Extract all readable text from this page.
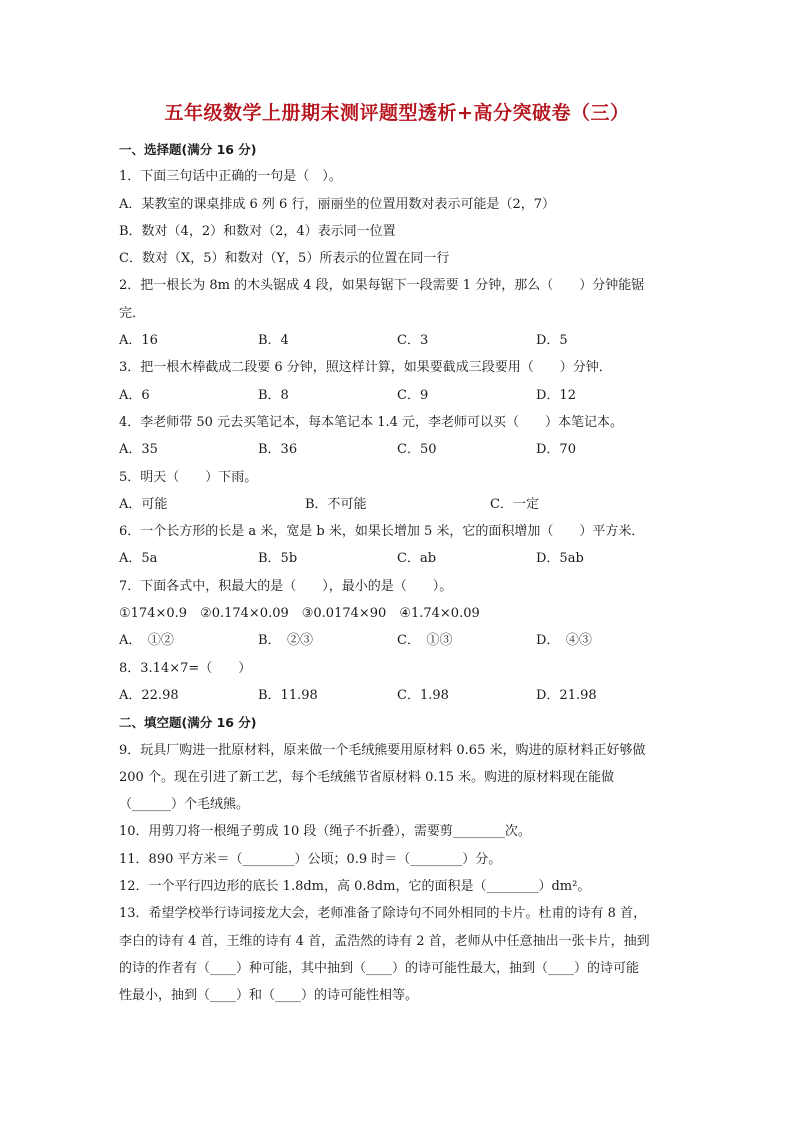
五年级数学上册期末测评题型透析+高分突破卷（三）
一、选择题(满分 16 分)
1．下面三句话中正确的一句是（　）。
A．某教室的课桌排成 6 列 6 行，丽丽坐的位置用数对表示可能是（2，7）
B．数对（4，2）和数对（2，4）表示同一位置
C．数对（X，5）和数对（Y，5）所表示的位置在同一行
2．把一根长为 8m 的木头锯成 4 段，如果每锯下一段需要 1 分钟，那么（　　）分钟能锯
完．
A．16	B．4	C．3	D．5
3．把一根木棒截成二段要 6 分钟，照这样计算，如果要截成三段要用（　　）分钟．
A．6	B．8	C．9	D．12
4．李老师带 50 元去买笔记本，每本笔记本 1.4 元，李老师可以买（　　）本笔记本。
A．35	B．36	C．50	D．70
5．明天（　　）下雨。
A．可能	B．不可能	C．一定
6．一个长方形的长是 a 米，宽是 b 米，如果长增加 5 米，它的面积增加（　　）平方米．
A．5a	B．5b	C．ab	D．5ab
7．下面各式中，积最大的是（　　），最小的是（　　）。
①174×0.9　②0.174×0.09　③0.0174×90　④1.74×0.09
A．　①②	B．　②③	C．　①③	D．　④③
8．3.14×7=（　　）
A．22.98	B．11.98	C．1.98	D．21.98
二、填空题(满分 16 分)
9．玩具厂购进一批原材料，原来做一个毛绒熊要用原材料 0.65 米，购进的原材料正好够做
200 个。现在引进了新工艺，每个毛绒熊节省原材料 0.15 米。购进的原材料现在能做
（______）个毛绒熊。
10．用剪刀将一根绳子剪成 10 段（绳子不折叠），需要剪________次。
11．890 平方米＝（________）公顷；0.9 时＝（________）分。
12．一个平行四边形的底长 1.8dm，高 0.8dm，它的面积是（________）dm²。
13．希望学校举行诗词接龙大会，老师准备了除诗句不同外相同的卡片。杜甫的诗有 8 首，
李白的诗有 4 首，王维的诗有 4 首，孟浩然的诗有 2 首，老师从中任意抽出一张卡片，抽到
的诗的作者有（____）种可能，其中抽到（____）的诗可能性最大，抽到（____）的诗可能
性最小，抽到（____）和（____）的诗可能性相等。
